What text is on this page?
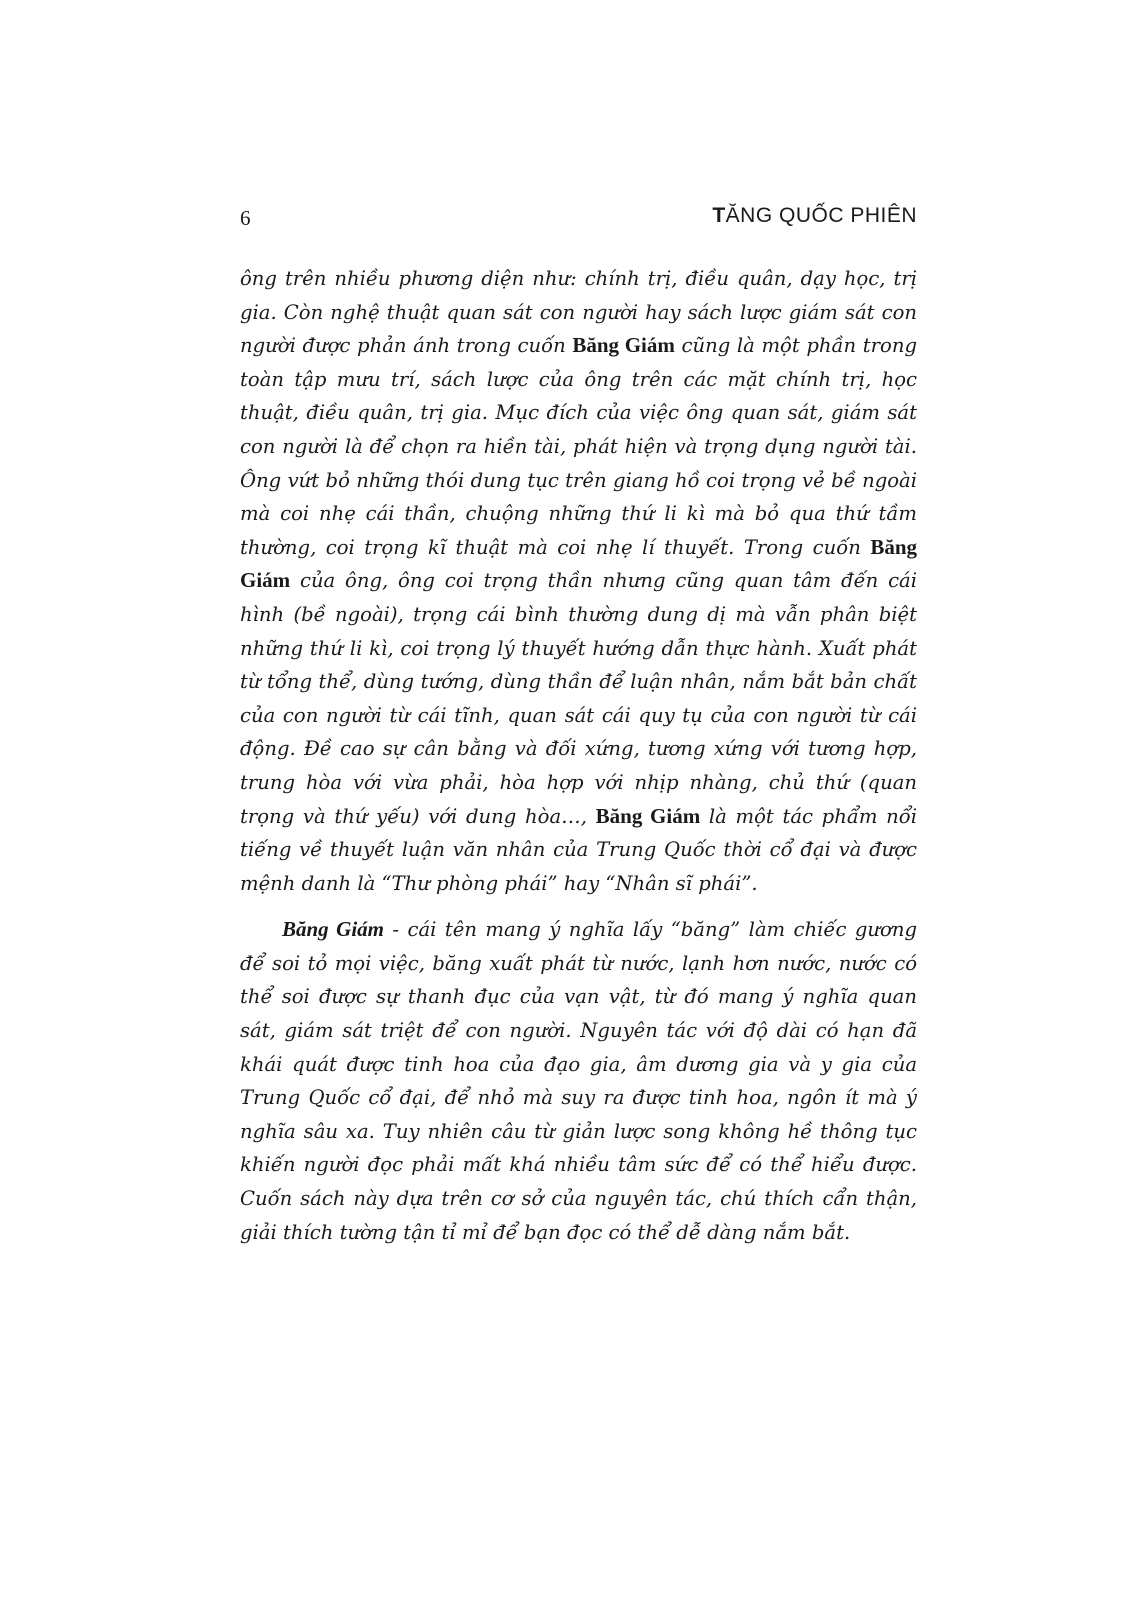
6	TĂNG QUỐC PHIÊN

ông trên nhiều phương diện như: chính trị, điều quân, dạy học, trị gia. Còn nghệ thuật quan sát con người hay sách lược giám sát con người được phản ánh trong cuốn Băng Giám cũng là một phần trong toàn tập mưu trí, sách lược của ông trên các mặt chính trị, học thuật, điều quân, trị gia. Mục đích của việc ông quan sát, giám sát con người là để chọn ra hiền tài, phát hiện và trọng dụng người tài. Ông vứt bỏ những thói dung tục trên giang hồ coi trọng vẻ bề ngoài mà coi nhẹ cái thần, chuộng những thứ li kì mà bỏ qua thứ tầm thường, coi trọng kĩ thuật mà coi nhẹ lí thuyết. Trong cuốn Băng Giám của ông, ông coi trọng thần nhưng cũng quan tâm đến cái hình (bề ngoài), trọng cái bình thường dung dị mà vẫn phân biệt những thứ li kì, coi trọng lý thuyết hướng dẫn thực hành. Xuất phát từ tổng thể, dùng tướng, dùng thần để luận nhân, nắm bắt bản chất của con người từ cái tĩnh, quan sát cái quy tụ của con người từ cái động. Đề cao sự cân bằng và đối xứng, tương xứng với tương hợp, trung hòa với vừa phải, hòa hợp với nhịp nhàng, chủ thứ (quan trọng và thứ yếu) với dung hòa…, Băng Giám là một tác phẩm nổi tiếng về thuyết luận văn nhân của Trung Quốc thời cổ đại và được mệnh danh là “Thư phòng phái” hay “Nhân sĩ phái”.

Băng Giám - cái tên mang ý nghĩa lấy “băng” làm chiếc gương để soi tỏ mọi việc, băng xuất phát từ nước, lạnh hơn nước, nước có thể soi được sự thanh đục của vạn vật, từ đó mang ý nghĩa quan sát, giám sát triệt để con người. Nguyên tác với độ dài có hạn đã khái quát được tinh hoa của đạo gia, âm dương gia và y gia của Trung Quốc cổ đại, để nhỏ mà suy ra được tinh hoa, ngôn ít mà ý nghĩa sâu xa. Tuy nhiên câu từ giản lược song không hề thông tục khiến người đọc phải mất khá nhiều tâm sức để có thể hiểu được. Cuốn sách này dựa trên cơ sở của nguyên tác, chú thích cẩn thận, giải thích tường tận tỉ mỉ để bạn đọc có thể dễ dàng nắm bắt.
